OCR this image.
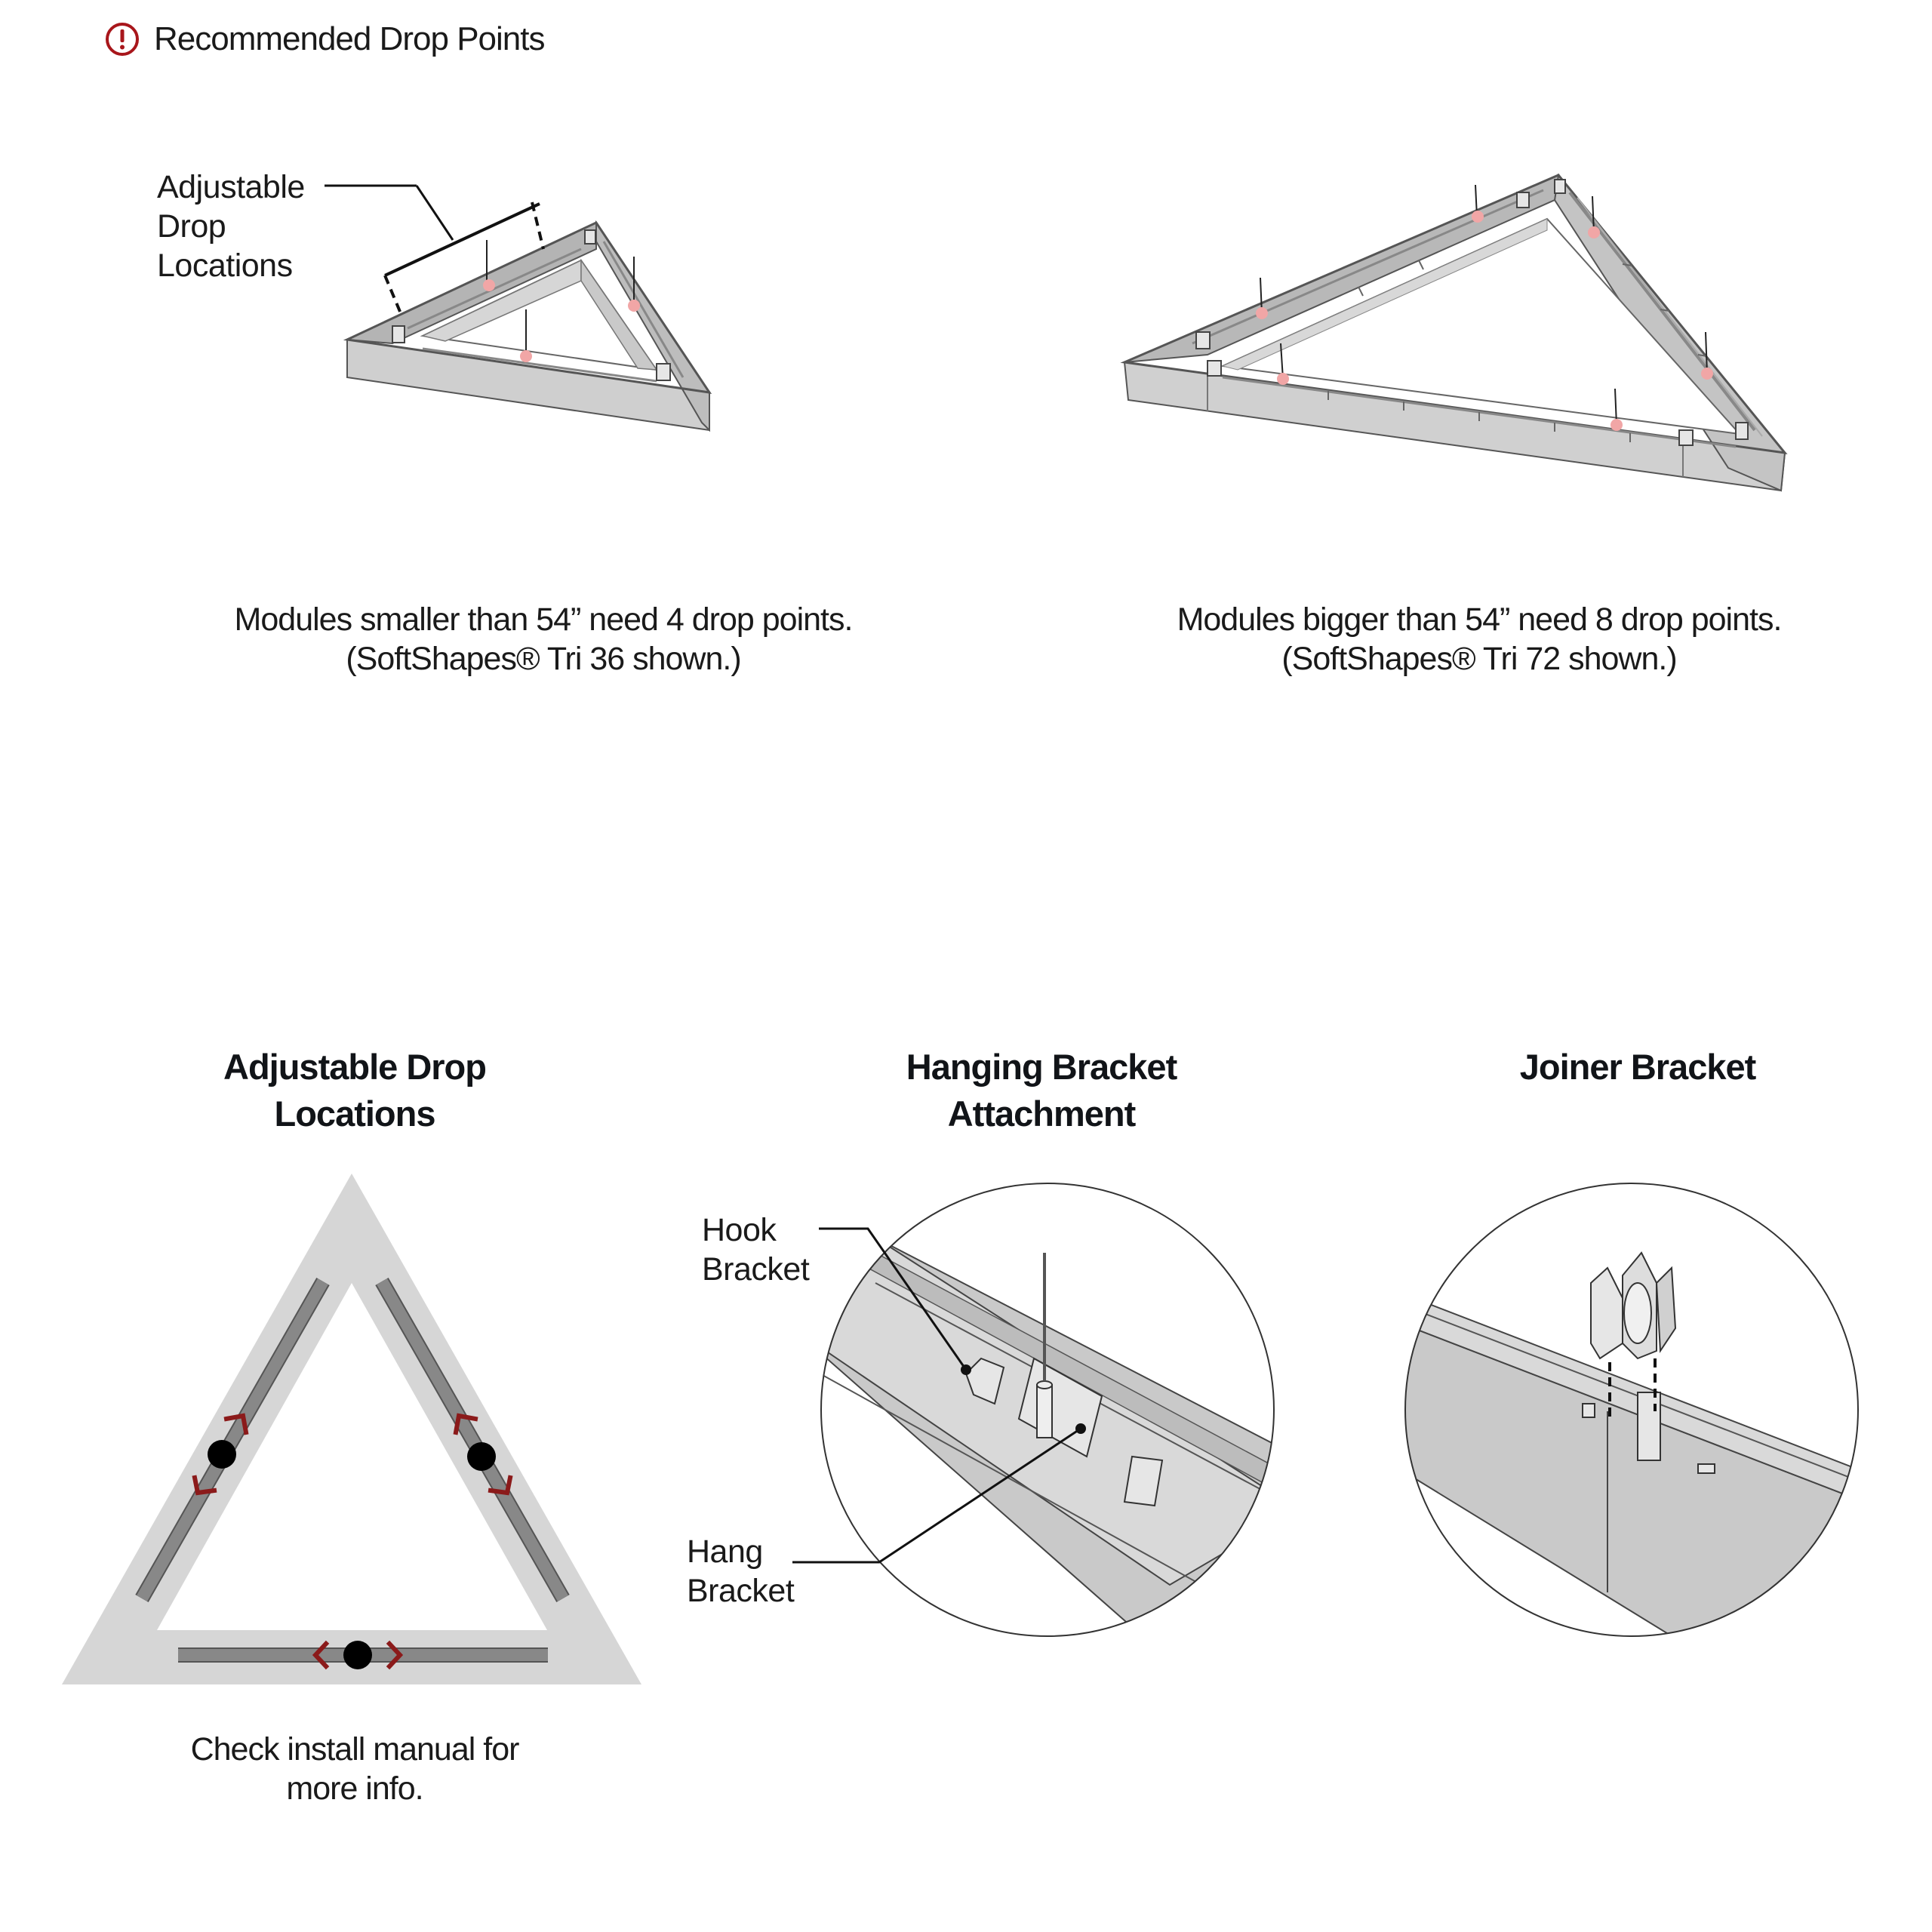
Recommended Drop Points
Adjustable
Drop
Locations
Modules smaller than 54” need 4 drop points.
(SoftShapes® Tri 36 shown.)
Modules bigger than 54” need 8 drop points.
(SoftShapes® Tri 72 shown.)
Adjustable Drop
Locations
Hanging Bracket
Attachment
Joiner Bracket
Check install manual for
more info.
Hook
Bracket
Hang
Bracket
